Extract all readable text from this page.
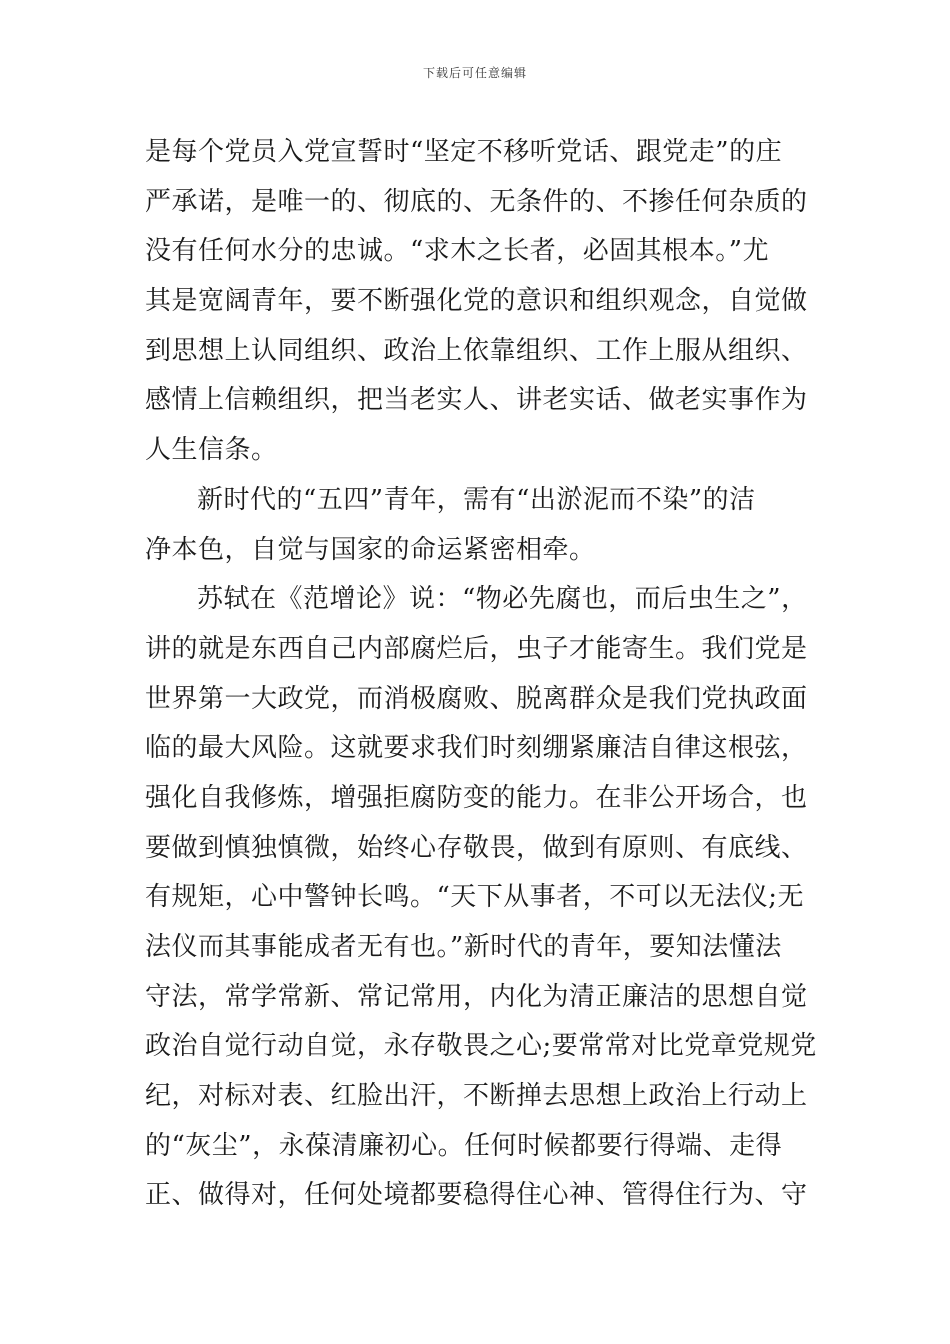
下载后可任意编辑
是每个党员入党宣誓时“坚定不移听党话、跟党走”的庄
严承诺，是唯一的、彻底的、无条件的、不掺任何杂质的
没有任何水分的忠诚。“求木之长者，必固其根本。”尤
其是宽阔青年，要不断强化党的意识和组织观念，自觉做
到思想上认同组织、政治上依靠组织、工作上服从组织、
感情上信赖组织，把当老实人、讲老实话、做老实事作为
人生信条。
新时代的“五四”青年，需有“出淤泥而不染”的洁
净本色，自觉与国家的命运紧密相牵。
苏轼在《范增论》说：“物必先腐也，而后虫生之”，
讲的就是东西自己内部腐烂后，虫子才能寄生。我们党是
世界第一大政党，而消极腐败、脱离群众是我们党执政面
临的最大风险。这就要求我们时刻绷紧廉洁自律这根弦，
强化自我修炼，增强拒腐防变的能力。在非公开场合，也
要做到慎独慎微，始终心存敬畏，做到有原则、有底线、
有规矩，心中警钟长鸣。“天下从事者，不可以无法仪;无
法仪而其事能成者无有也。”新时代的青年，要知法懂法
守法，常学常新、常记常用，内化为清正廉洁的思想自觉
政治自觉行动自觉，永存敬畏之心;要常常对比党章党规党
纪，对标对表、红脸出汗，不断掸去思想上政治上行动上
的“灰尘”，永葆清廉初心。任何时候都要行得端、走得
正、做得对，任何处境都要稳得住心神、管得住行为、守
